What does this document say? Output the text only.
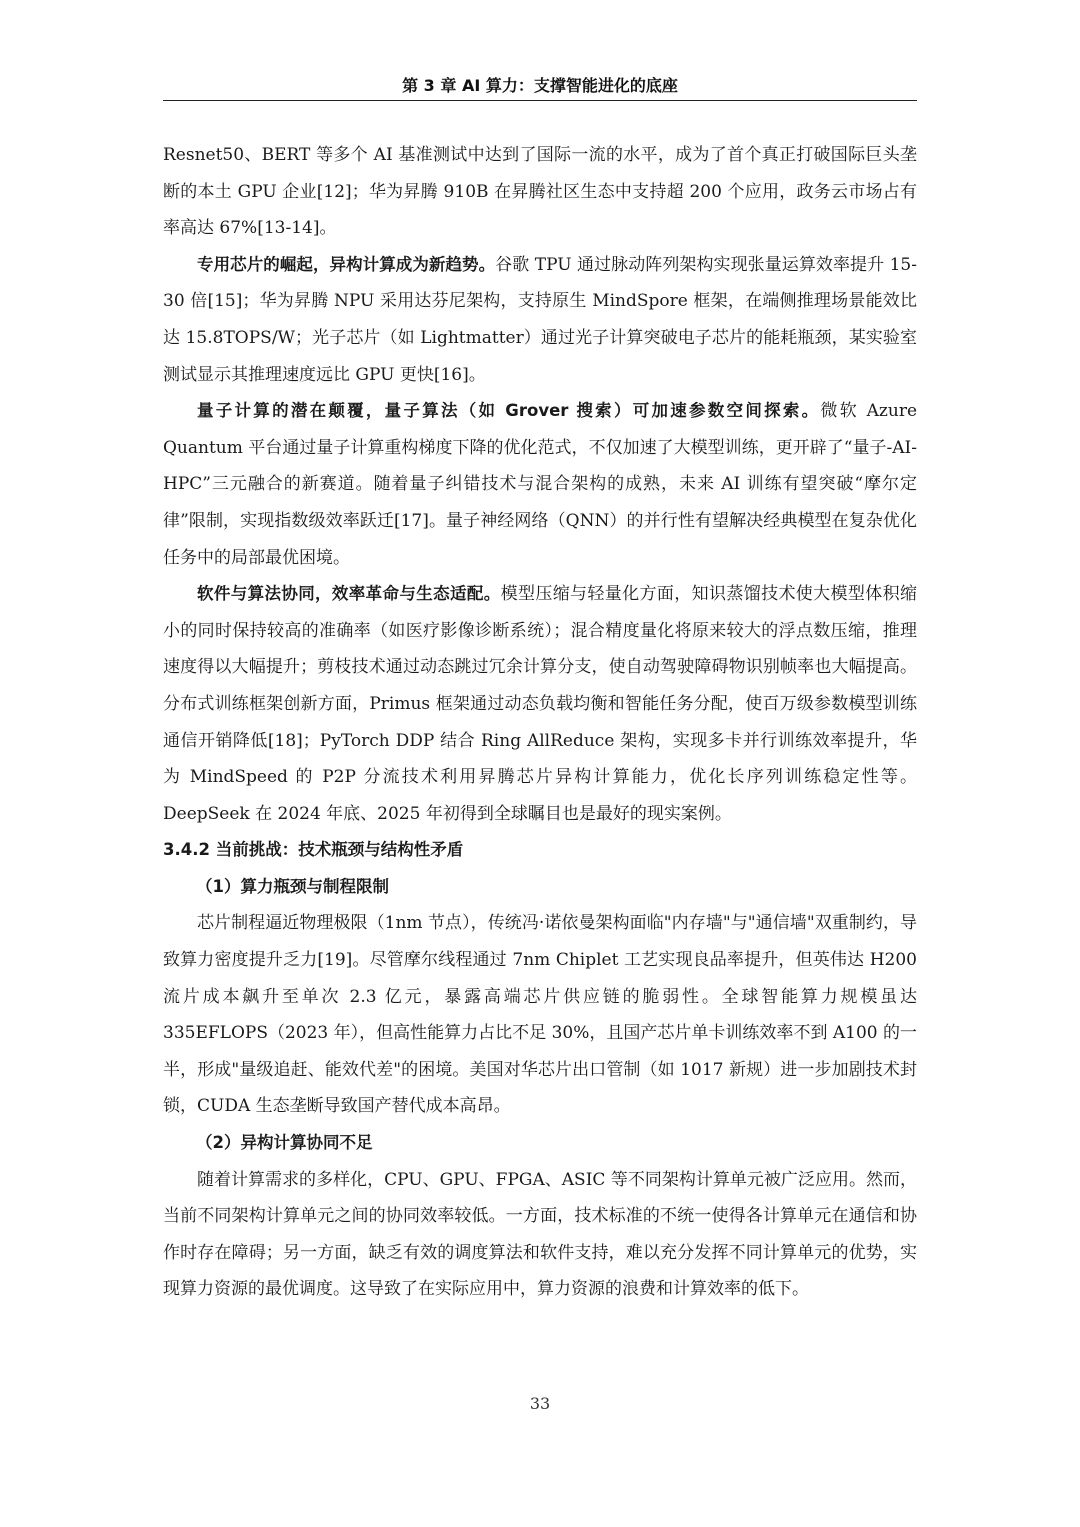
第 3 章 AI 算力：支撑智能进化的底座

Resnet50、BERT 等多个 AI 基准测试中达到了国际一流的水平，成为了首个真正打破国际巨头垄断的本土 GPU 企业[12]；华为昇腾 910B 在昇腾社区生态中支持超 200 个应用，政务云市场占有率高达 67%[13-14]。

专用芯片的崛起，异构计算成为新趋势。谷歌 TPU 通过脉动阵列架构实现张量运算效率提升 15-30 倍[15]；华为昇腾 NPU 采用达芬尼架构，支持原生 MindSpore 框架，在端侧推理场景能效比达 15.8TOPS/W；光子芯片（如 Lightmatter）通过光子计算突破电子芯片的能耗瓶颈，某实验室测试显示其推理速度远比 GPU 更快[16]。

量子计算的潜在颠覆，量子算法（如 Grover 搜索）可加速参数空间探索。微软 Azure Quantum 平台通过量子计算重构梯度下降的优化范式，不仅加速了大模型训练，更开辟了“量子-AI-HPC”三元融合的新赛道。随着量子纠错技术与混合架构的成熟，未来 AI 训练有望突破“摩尔定律”限制，实现指数级效率跃迁[17]。量子神经网络（QNN）的并行性有望解决经典模型在复杂优化任务中的局部最优困境。

软件与算法协同，效率革命与生态适配。模型压缩与轻量化方面，知识蒸馏技术使大模型体积缩小的同时保持较高的准确率（如医疗影像诊断系统）；混合精度量化将原来较大的浮点数压缩，推理速度得以大幅提升；剪枝技术通过动态跳过冗余计算分支，使自动驾驶障碍物识别帧率也大幅提高。分布式训练框架创新方面，Primus 框架通过动态负载均衡和智能任务分配，使百万级参数模型训练通信开销降低[18]；PyTorch DDP 结合 Ring AllReduce 架构，实现多卡并行训练效率提升，华为 MindSpeed 的 P2P 分流技术利用昇腾芯片异构计算能力，优化长序列训练稳定性等。DeepSeek 在 2024 年底、2025 年初得到全球瞩目也是最好的现实案例。

3.4.2 当前挑战：技术瓶颈与结构性矛盾

（1）算力瓶颈与制程限制

芯片制程逼近物理极限（1nm 节点），传统冯·诺依曼架构面临"内存墙"与"通信墙"双重制约，导致算力密度提升乏力[19]。尽管摩尔线程通过 7nm Chiplet 工艺实现良品率提升，但英伟达 H200 流片成本飙升至单次 2.3 亿元，暴露高端芯片供应链的脆弱性。全球智能算力规模虽达 335EFLOPS（2023 年），但高性能算力占比不足 30%，且国产芯片单卡训练效率不到 A100 的一半，形成"量级追赶、能效代差"的困境。美国对华芯片出口管制（如 1017 新规）进一步加剧技术封锁，CUDA 生态垄断导致国产替代成本高昂。

（2）异构计算协同不足

随着计算需求的多样化，CPU、GPU、FPGA、ASIC 等不同架构计算单元被广泛应用。然而，当前不同架构计算单元之间的协同效率较低。一方面，技术标准的不统一使得各计算单元在通信和协作时存在障碍；另一方面，缺乏有效的调度算法和软件支持，难以充分发挥不同计算单元的优势，实现算力资源的最优调度。这导致了在实际应用中，算力资源的浪费和计算效率的低下。

33
